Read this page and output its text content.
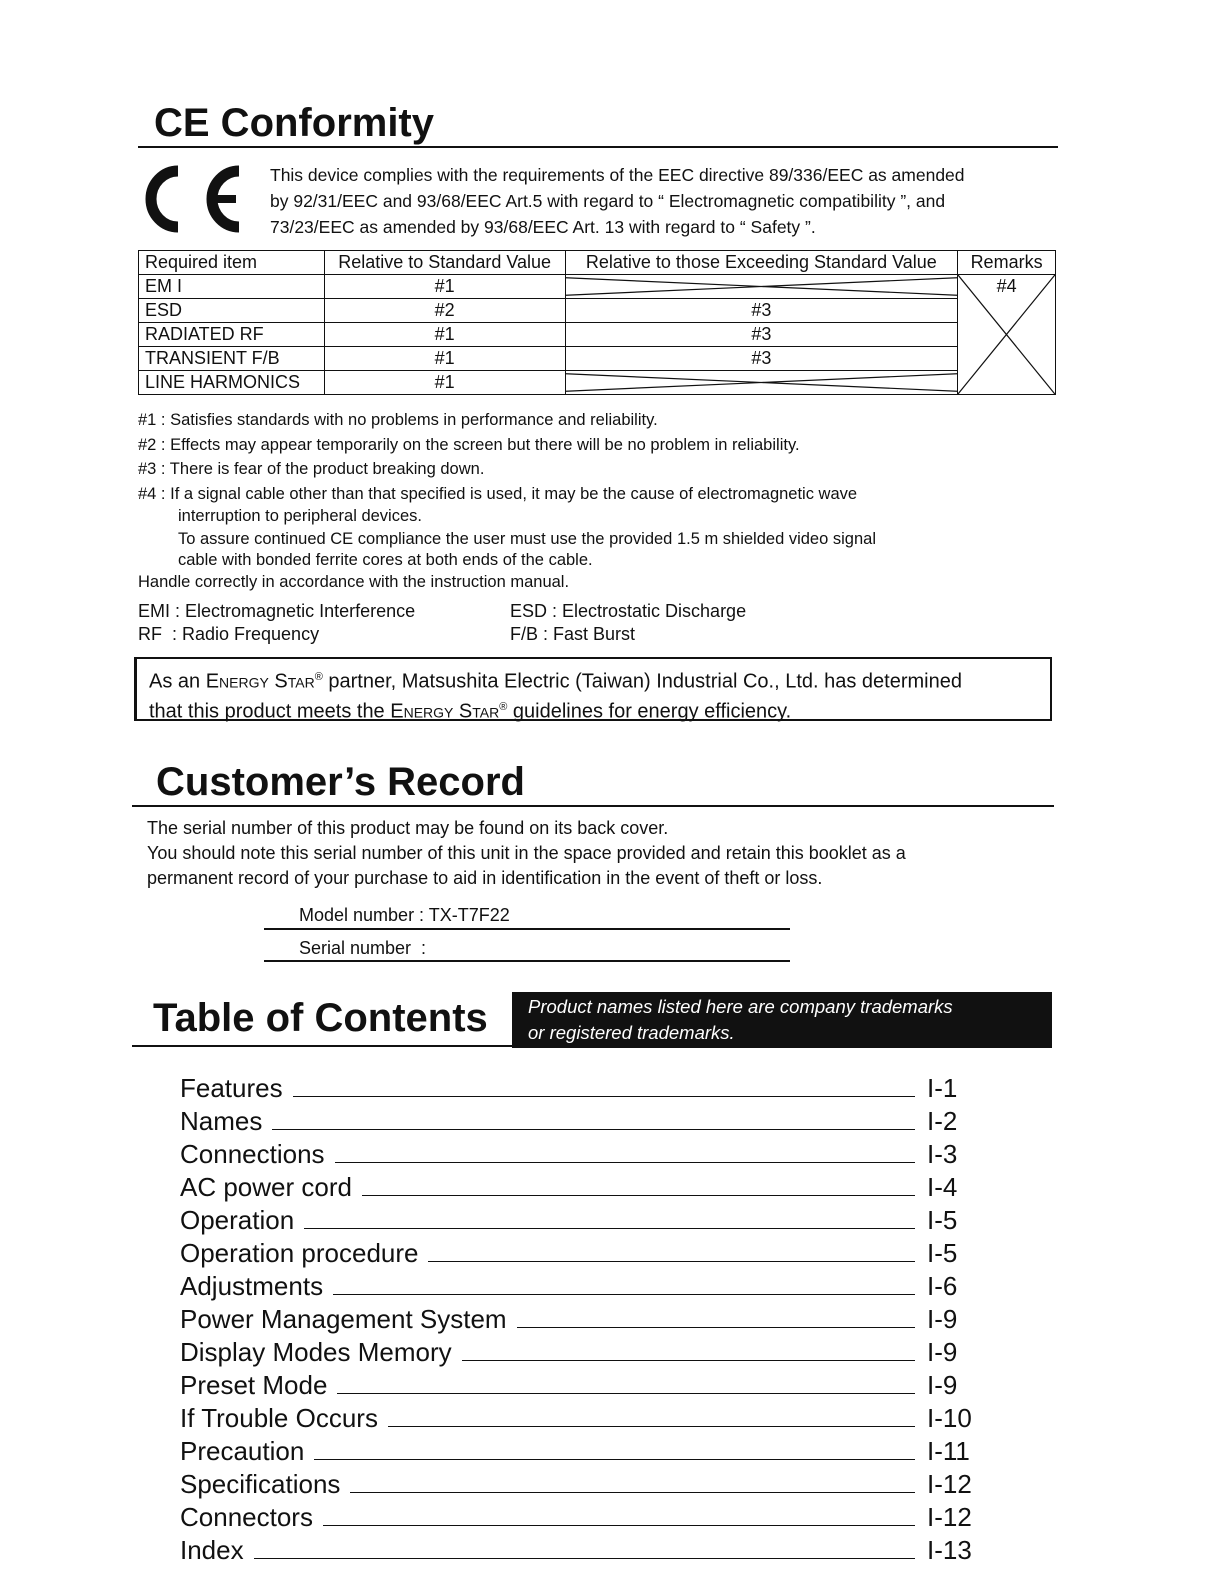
CE Conformity
This device complies with the requirements of the EEC directive 89/336/EEC as amended
by 92/31/EEC and 93/68/EEC Art.5 with regard to “ Electromagnetic compatibility ”, and
73/23/EEC as amended by 93/68/EEC Art. 13 with regard to “ Safety ”.
Required item	Relative to Standard Value	Relative to those Exceeding Standard Value	Remarks
EM I	#1		#4

ESD	#2	#3	
RADIATED RF	#1	#3	
TRANSIENT F/B	#1	#3	
LINE HARMONICS	#1	
#1 : Satisfies standards with no problems in performance and reliability.
#2 : Effects may appear temporarily on the screen but there will be no problem in reliability.
#3 : There is fear of the product breaking down.
#4 : If a signal cable other than that specified is used, it may be the cause of electromagnetic wave
interruption to peripheral devices.
To assure continued CE compliance the user must use the provided 1.5 m shielded video signal
cable with bonded ferrite cores at both ends of the cable.
Handle correctly in accordance with the instruction manual.
EMI : Electromagnetic Interference	ESD : Electrostatic Discharge
RF  : Radio Frequency	F/B : Fast Burst
As an Energy Star® partner, Matsushita Electric (Taiwan) Industrial Co., Ltd. has determined
that this product meets the Energy Star® guidelines for energy efficiency.
Customer’s Record
The serial number of this product may be found on its back cover.
You should note this serial number of this unit in the space provided and retain this booklet as a
permanent record of your purchase to aid in identification in the event of theft or loss.
Model number : TX-T7F22
Serial number  :
Table of Contents Product names listed here are company trademarks
or registered trademarks.
Features	I-1
Names	I-2
Connections	I-3
AC power cord	I-4
Operation	I-5
Operation procedure	I-5
Adjustments	I-6
Power Management System	I-9
Display Modes Memory	I-9
Preset Mode	I-9
If Trouble Occurs	I-10
Precaution	I-11
Specifications	I-12
Connectors	I-12
Index	I-13
